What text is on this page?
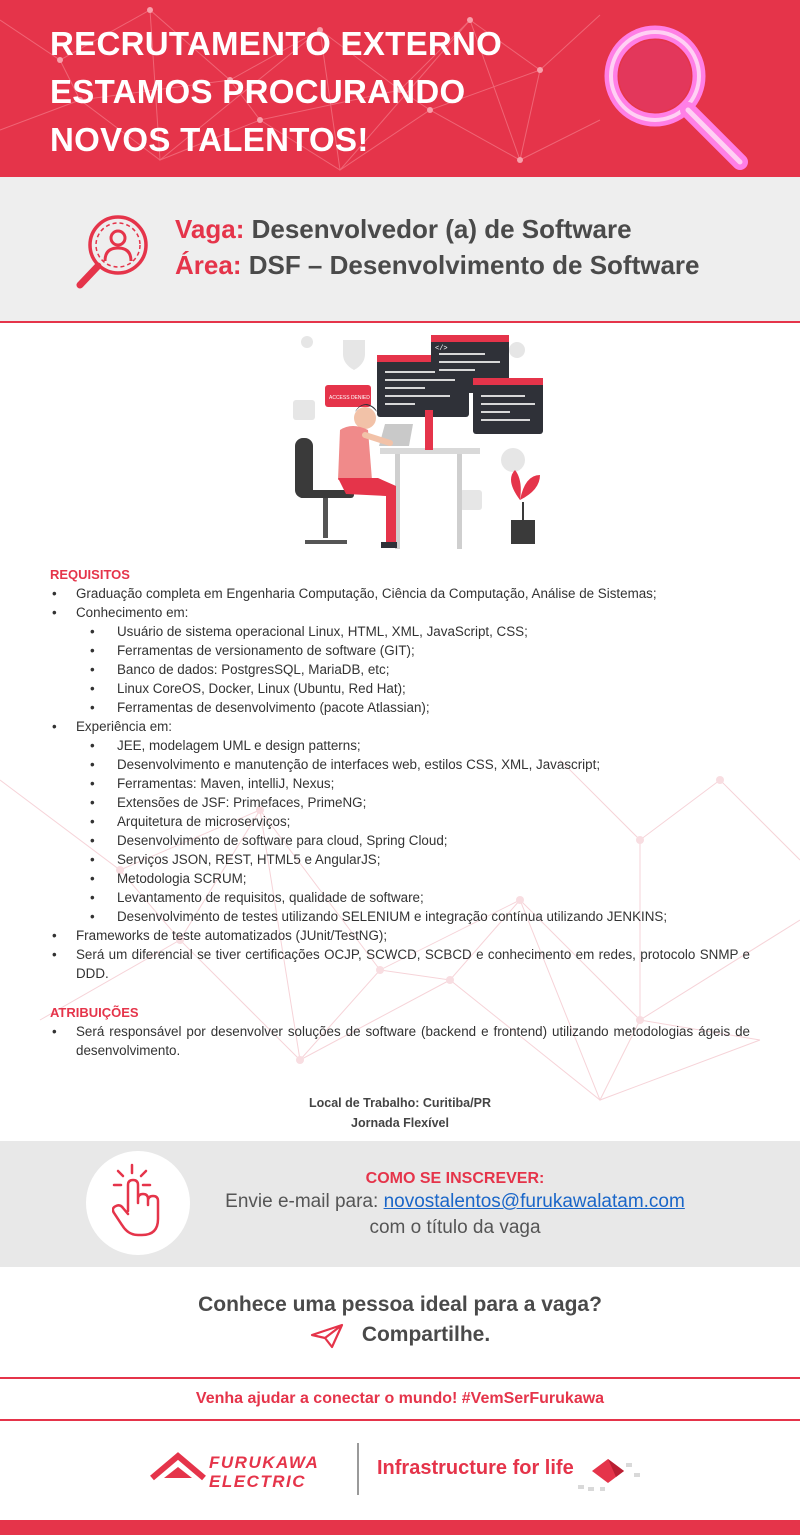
RECRUTAMENTO EXTERNO
ESTAMOS PROCURANDO
NOVOS TALENTOS!
Vaga: Desenvolvedor (a) de Software
Área: DSF – Desenvolvimento de Software
</>
ACCESS DENIED
REQUISITOS
• Graduação completa em Engenharia Computação, Ciência da Computação, Análise de Sistemas;
• Conhecimento em:
• Usuário de sistema operacional Linux, HTML, XML, JavaScript, CSS;
• Ferramentas de versionamento de software (GIT);
• Banco de dados: PostgresSQL, MariaDB, etc;
• Linux CoreOS, Docker, Linux (Ubuntu, Red Hat);
• Ferramentas de desenvolvimento (pacote Atlassian);
• Experiência em:
• JEE, modelagem UML e design patterns;
• Desenvolvimento e manutenção de interfaces web, estilos CSS, XML, Javascript;
• Ferramentas: Maven, intelliJ, Nexus;
• Extensões de JSF: Primefaces, PrimeNG;
• Arquitetura de microserviços;
• Desenvolvimento de software para cloud, Spring Cloud;
• Serviços JSON, REST, HTML5 e AngularJS;
• Metodologia SCRUM;
• Levantamento de requisitos, qualidade de software;
• Desenvolvimento de testes utilizando SELENIUM e integração contínua utilizando JENKINS;
• Frameworks de teste automatizados (JUnit/TestNG);
• Será um diferencial se tiver certificações OCJP, SCWCD, SCBCD e conhecimento em redes, protocolo SNMP e DDD.
ATRIBUIÇÕES
• Será responsável por desenvolver soluções de software (backend e frontend) utilizando metodologias ágeis de desenvolvimento.
Local de Trabalho: Curitiba/PR
Jornada Flexível
COMO SE INSCREVER:
Envie e-mail para: novostalentos@furukawalatam.com
com o título da vaga
Conhece uma pessoa ideal para a vaga?
Compartilhe.
Venha ajudar a conectar o mundo! #VemSerFurukawa
FURUKAWA
ELECTRIC
Infrastructure for life
